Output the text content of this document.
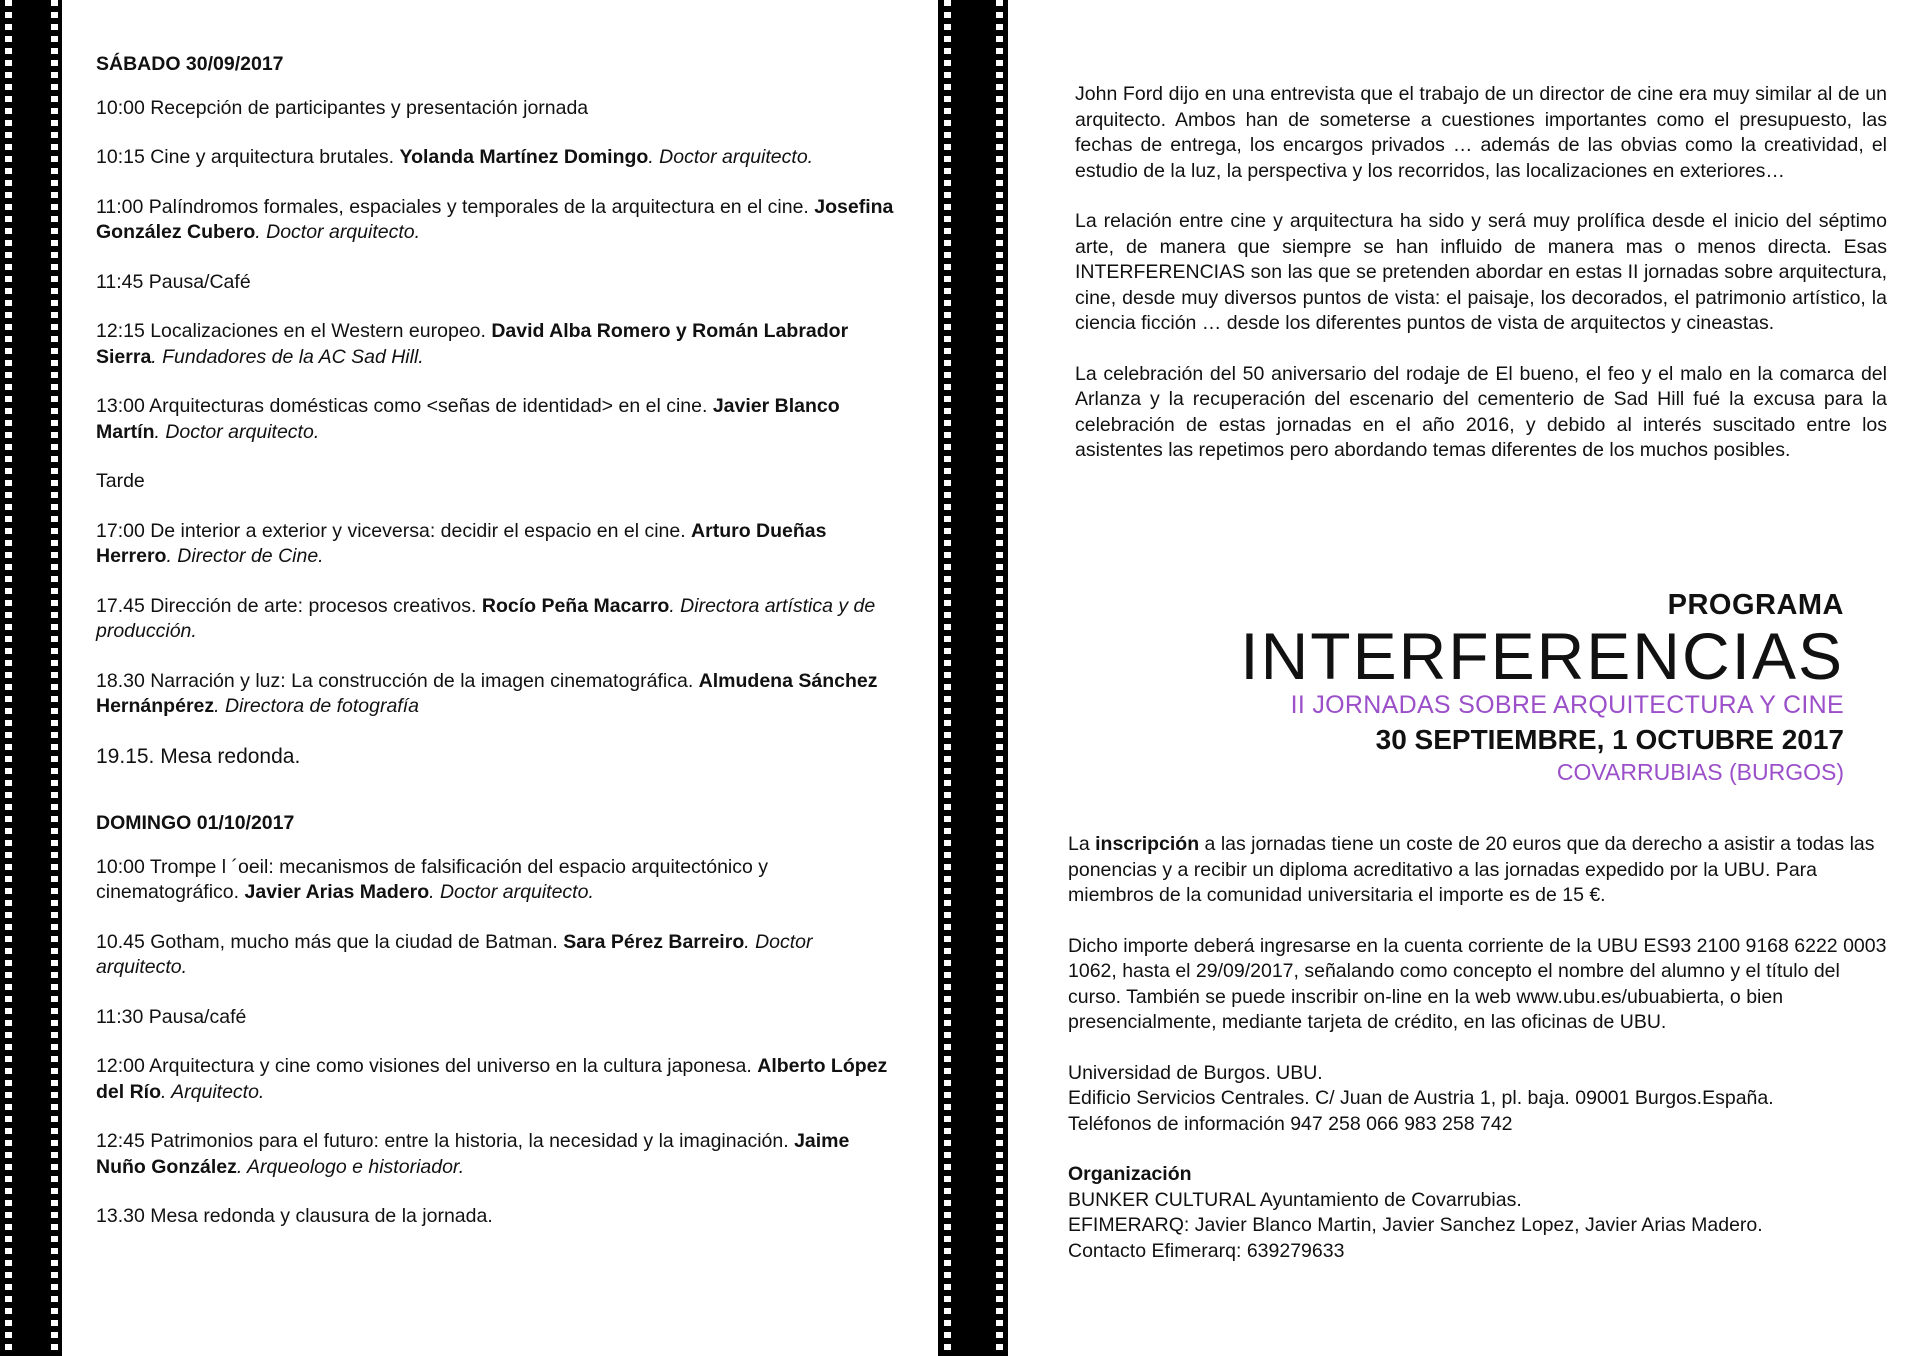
SÁBADO 30/09/2017
10:00 Recepción de participantes y presentación jornada
10:15 Cine y arquitectura brutales. Yolanda Martínez Domingo. Doctor arquitecto.
11:00 Palíndromos formales, espaciales y temporales de la arquitectura en el cine. Josefina González Cubero. Doctor arquitecto.
11:45 Pausa/Café
12:15 Localizaciones en el Western europeo. David Alba Romero y Román Labrador Sierra. Fundadores de la AC Sad Hill.
13:00 Arquitecturas domésticas como <señas de identidad> en el cine. Javier Blanco Martín. Doctor arquitecto.
Tarde
17:00 De interior a exterior y viceversa: decidir el espacio en el cine. Arturo Dueñas Herrero. Director de Cine.
17.45 Dirección de arte: procesos creativos. Rocío Peña Macarro. Directora artística y de producción.
18.30 Narración y luz: La construcción de la imagen cinematográfica. Almudena Sánchez Hernánpérez. Directora de fotografía
19.15. Mesa redonda.
DOMINGO 01/10/2017
10:00 Trompe l ´oeil: mecanismos de falsificación del espacio arquitectónico y cinematográfico. Javier Arias Madero. Doctor arquitecto.
10.45 Gotham, mucho más que la ciudad de Batman. Sara Pérez Barreiro. Doctor arquitecto.
11:30 Pausa/café
12:00 Arquitectura y cine como visiones del universo en la cultura japonesa. Alberto López del Río. Arquitecto.
12:45 Patrimonios para el futuro: entre la historia, la necesidad y la imaginación. Jaime Nuño González. Arqueologo e historiador.
13.30 Mesa redonda y clausura de la jornada.

John Ford dijo en una entrevista que el trabajo de un director de cine era muy similar al de un arquitecto. Ambos han de someterse a cuestiones importantes como el presupuesto, las fechas de entrega, los encargos privados … además de las obvias como la creatividad, el estudio de la luz, la perspectiva y los recorridos, las localizaciones en exteriores…

La relación entre cine y arquitectura ha sido y será muy prolífica desde el inicio del séptimo arte, de manera que siempre se han influido de manera mas o menos directa. Esas INTERFERENCIAS son las que se pretenden abordar en estas II jornadas sobre arquitectura, cine, desde muy diversos puntos de vista: el paisaje, los decorados, el patrimonio artístico, la ciencia ficción … desde los diferentes puntos de vista de arquitectos y cineastas.

La celebración del 50 aniversario del rodaje de El bueno, el feo y el malo en la comarca del Arlanza y la recuperación del escenario del cementerio de Sad Hill fué la excusa para la celebración de estas jornadas en el año 2016, y debido al interés suscitado entre los asistentes las repetimos pero abordando temas diferentes de los muchos posibles.

PROGRAMA
INTERFERENCIAS
II JORNADAS SOBRE ARQUITECTURA Y CINE
30 SEPTIEMBRE, 1 OCTUBRE 2017
COVARRUBIAS (BURGOS)

La inscripción a las jornadas tiene un coste de 20 euros que da derecho a asistir a todas las ponencias y a recibir un diploma acreditativo a las jornadas expedido por la UBU. Para miembros de la comunidad universitaria el importe es de 15 €.

Dicho importe deberá ingresarse en la cuenta corriente de la UBU ES93 2100 9168 6222 0003 1062, hasta el 29/09/2017, señalando como concepto el nombre del alumno y el título del curso. También se puede inscribir on-line en la web www.ubu.es/ubuabierta, o bien presencialmente, mediante tarjeta de crédito, en las oficinas de UBU.

Universidad de Burgos. UBU.
Edificio Servicios Centrales. C/ Juan de Austria 1, pl. baja. 09001 Burgos.España.
Teléfonos de información 947 258 066 983 258 742

Organización
BUNKER CULTURAL Ayuntamiento de Covarrubias.
EFIMERARQ: Javier Blanco Martin, Javier Sanchez Lopez, Javier Arias Madero.
Contacto Efimerarq: 639279633
